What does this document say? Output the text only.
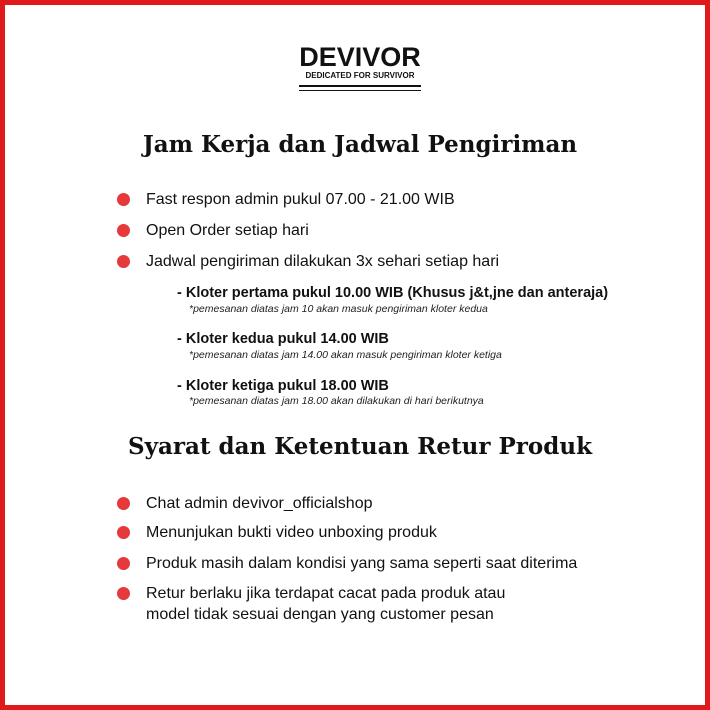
DEVIVOR
DEDICATED FOR SURVIVOR
Jam Kerja dan Jadwal Pengiriman
Fast respon admin pukul 07.00 - 21.00 WIB
Open Order setiap hari
Jadwal pengiriman dilakukan 3x sehari setiap hari
- Kloter pertama pukul 10.00 WIB (Khusus j&t,jne dan anteraja)
*pemesanan diatas jam 10 akan masuk pengiriman kloter kedua
- Kloter kedua pukul 14.00 WIB
*pemesanan diatas jam 14.00 akan masuk pengiriman kloter ketiga
- Kloter ketiga pukul 18.00 WIB
*pemesanan diatas jam 18.00 akan dilakukan di hari berikutnya
Syarat dan Ketentuan Retur Produk
Chat admin devivor_officialshop
Menunjukan bukti video unboxing produk
Produk masih dalam kondisi yang sama seperti saat diterima
Retur berlaku jika terdapat cacat pada produk atau
model tidak sesuai dengan yang customer pesan
